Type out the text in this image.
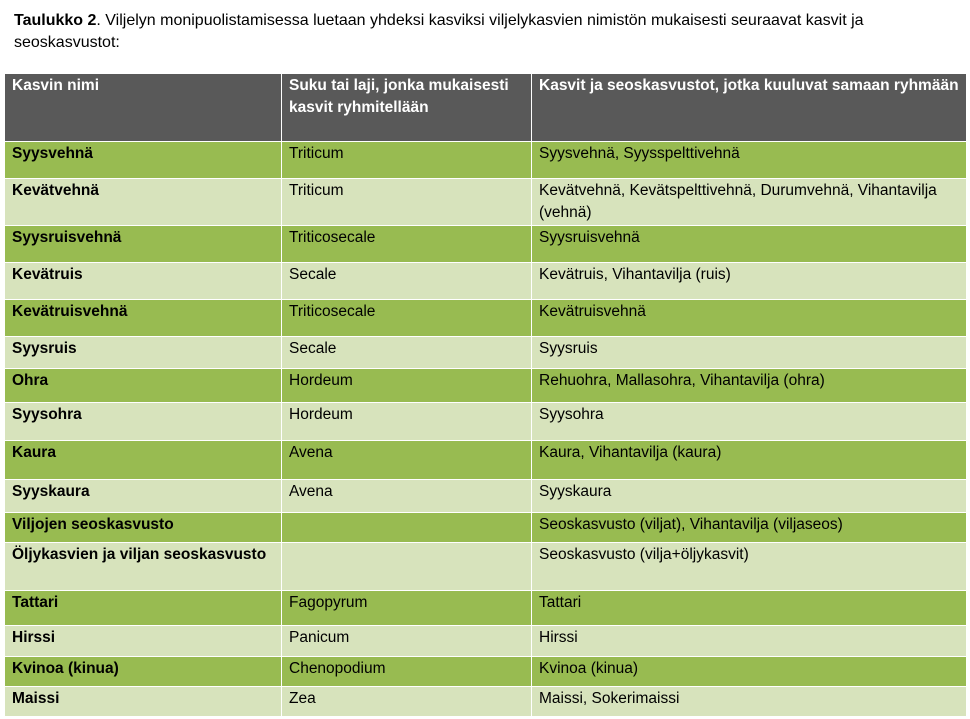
Taulukko 2. Viljelyn monipuolistamisessa luetaan yhdeksi kasviksi viljelykasvien nimistön mukaisesti seuraavat kasvit ja seoskasvustot:
Kasvin nimi	Suku tai laji, jonka mukaisesti kasvit ryhmitellään	Kasvit ja seoskasvustot, jotka kuuluvat samaan ryhmään
Syysvehnä	Triticum	Syysvehnä, Syysspelttivehnä
Kevätvehnä	Triticum	Kevätvehnä, Kevätspelttivehnä, Durumvehnä, Vihantavilja (vehnä)
Syysruisvehnä	Triticosecale	Syysruisvehnä
Kevätruis	Secale	Kevätruis, Vihantavilja (ruis)
Kevätruisvehnä	Triticosecale	Kevätruisvehnä
Syysruis	Secale	Syysruis
Ohra	Hordeum	Rehuohra, Mallasohra, Vihantavilja (ohra)
Syysohra	Hordeum	Syysohra
Kaura	Avena	Kaura, Vihantavilja (kaura)
Syyskaura	Avena	Syyskaura
Viljojen seoskasvusto		Seoskasvusto (viljat), Vihantavilja (viljaseos)
Öljykasvien ja viljan seoskasvusto		Seoskasvusto (vilja+öljykasvit)
Tattari	Fagopyrum	Tattari
Hirssi	Panicum	Hirssi
Kvinoa (kinua)	Chenopodium	Kvinoa (kinua)
Maissi	Zea	Maissi, Sokerimaissi
